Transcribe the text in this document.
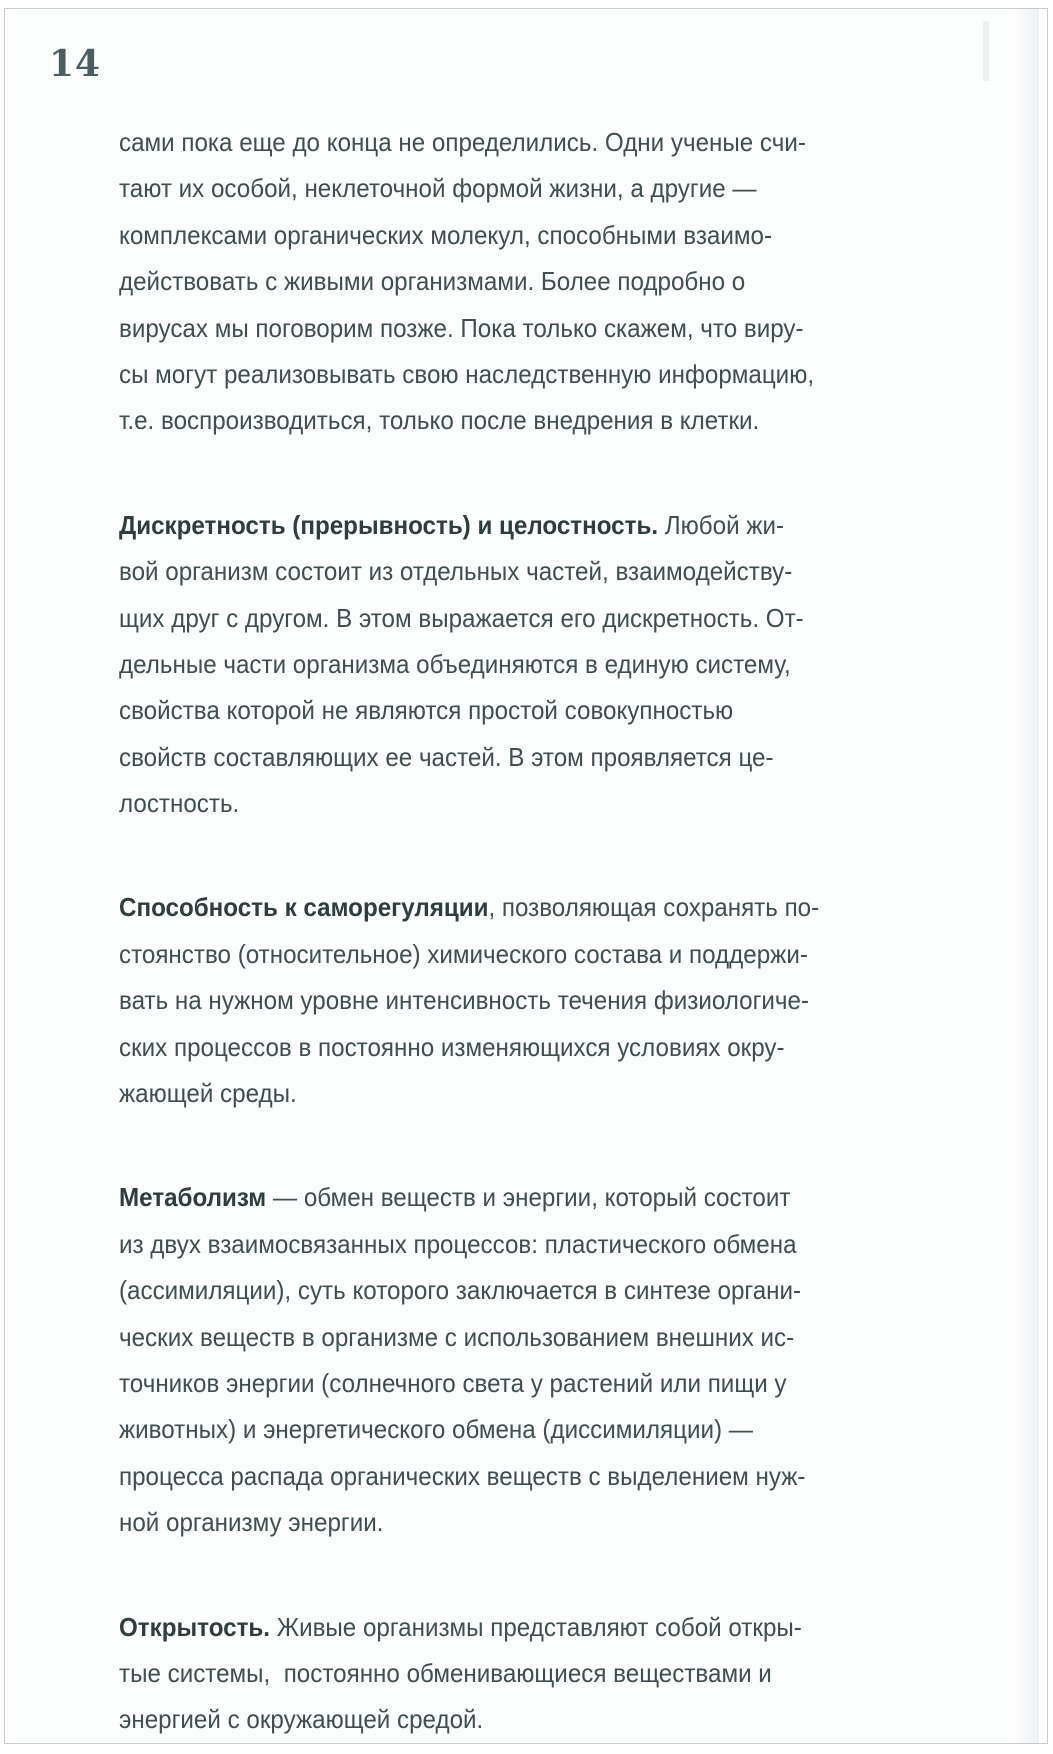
14
сами пока еще до конца не определились. Одни ученые счи-
тают их особой, неклеточной формой жизни, а другие —
комплексами органических молекул, способными взаимо-
действовать с живыми организмами. Более подробно о
вирусах мы поговорим позже. Пока только скажем, что виру-
сы могут реализовывать свою наследственную информацию,
т.е. воспроизводиться, только после внедрения в клетки.
Дискретность (прерывность) и целостность. Любой жи-
вой организм состоит из отдельных частей, взаимодейству-
щих друг с другом. В этом выражается его дискретность. От-
дельные части организма объединяются в единую систему,
свойства которой не являются простой совокупностью
свойств составляющих ее частей. В этом проявляется це-
лостность.
Способность к саморегуляции, позволяющая сохранять по-
стоянство (относительное) химического состава и поддержи-
вать на нужном уровне интенсивность течения физиологиче-
ских процессов в постоянно изменяющихся условиях окру-
жающей среды.
Метаболизм — обмен веществ и энергии, который состоит
из двух взаимосвязанных процессов: пластического обмена
(ассимиляции), суть которого заключается в синтезе органи-
ческих веществ в организме с использованием внешних ис-
точников энергии (солнечного света у растений или пищи у
животных) и энергетического обмена (диссимиляции) —
процесса распада органических веществ с выделением нуж-
ной организму энергии.
Открытость. Живые организмы представляют собой откры-
тые системы,  постоянно обменивающиеся веществами и
энергией с окружающей средой.
